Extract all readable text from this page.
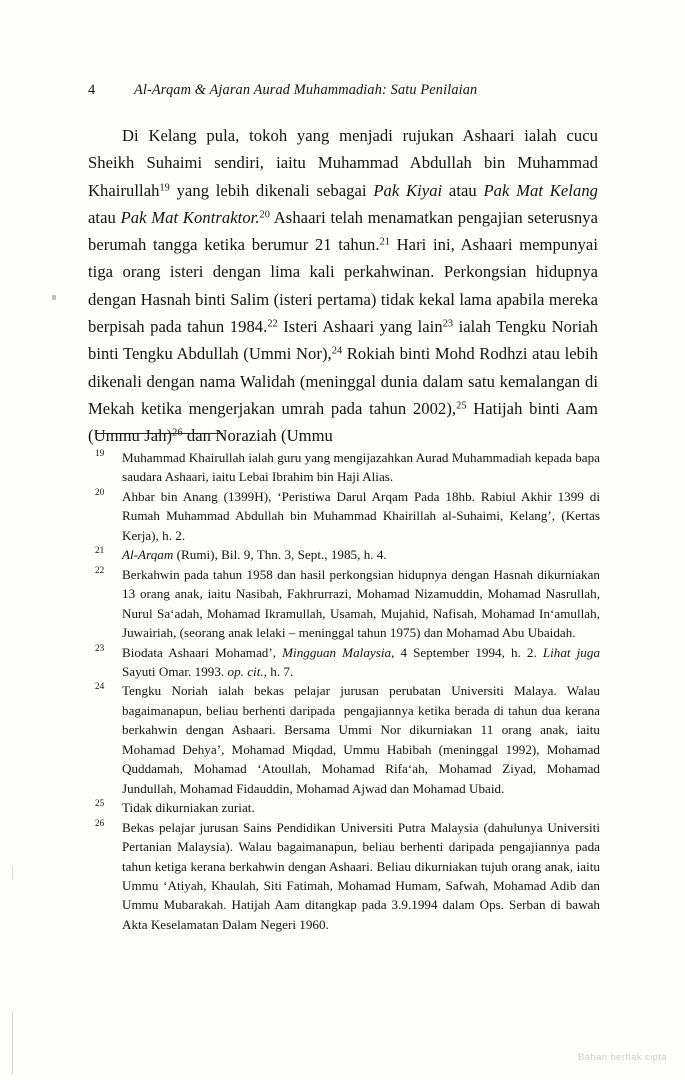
4	Al-Arqam & Ajaran Aurad Muhammadiah: Satu Penilaian

Di Kelang pula, tokoh yang menjadi rujukan Ashaari ialah cucu Sheikh Suhaimi sendiri, iaitu Muhammad Abdullah bin Muhammad Khairullah$^{19}$ yang lebih dikenali sebagai Pak Kiyai atau Pak Mat Kelang atau Pak Mat Kontraktor.$^{20}$ Ashaari telah menamatkan pengajian seterusnya berumah tangga ketika berumur 21 tahun.$^{21}$ Hari ini, Ashaari mempunyai tiga orang isteri dengan lima kali perkahwinan. Perkongsian hidupnya dengan Hasnah binti Salim (isteri pertama) tidak kekal lama apabila mereka berpisah pada tahun 1984.22 Isteri Ashaari yang lain$^{23}$ ialah Tengku Noriah binti Tengku Abdullah (Ummi Nor),$^{24}$ Rokiah binti Mohd Rodhzi atau lebih dikenali dengan nama Walidah (meninggal dunia dalam satu kemalangan di Mekah ketika mengerjakan umrah pada tahun 2002),$^{25}$ Hatijah binti Aam (Ummu Jah)$^{26}$ dan Noraziah (Ummu

19	Muhammad Khairullah ialah guru yang mengijazahkan Aurad Muhammadiah kepada bapa saudara Ashaari, iaitu Lebai Ibrahim bin Haji Alias.
20	Ahbar bin Anang (1399H), ‘Peristiwa Darul Arqam Pada 18hb. Rabiul Akhir 1399 di Rumah Muhammad Abdullah bin Muhammad Khairillah al-Suhaimi, Kelang’, (Kertas Kerja), h. 2.
21	Al-Arqam (Rumi), Bil. 9, Thn. 3, Sept., 1985, h. 4.
22	Berkahwin pada tahun 1958 dan hasil perkongsian hidupnya dengan Hasnah dikurniakan 13 orang anak, iaitu Nasibah, Fakhrurrazi, Mohamad Nizamuddin, Mohamad Nasrullah, Nurul Sa‘adah, Mohamad Ikramullah, Usamah, Mujahid, Nafisah, Mohamad In‘amullah, Juwairiah, (seorang anak lelaki – meninggal tahun 1975) dan Mohamad Abu Ubaidah.
23	Biodata Ashaari Mohamad’, Mingguan Malaysia, 4 September 1994, h. 2. Lihat juga Sayuti Omar. 1993. op. cit., h. 7.
24	Tengku Noriah ialah bekas pelajar jurusan perubatan Universiti Malaya. Walau bagaimanapun, beliau berhenti daripada  pengajiannya ketika berada di tahun dua kerana berkahwin dengan Ashaari. Bersama Ummi Nor dikurniakan 11 orang anak, iaitu Mohamad Dehya’, Mohamad Miqdad, Ummu Habibah (meninggal 1992), Mohamad Quddamah, Mohamad ‘Atoullah, Mohamad Rifa‘ah, Mohamad Ziyad, Mohamad Jundullah, Mohamad Fidauddin, Mohamad Ajwad dan Mohamad Ubaid.
25	Tidak dikurniakan zuriat.
26	Bekas pelajar jurusan Sains Pendidikan Universiti Putra Malaysia (dahulunya Universiti Pertanian Malaysia). Walau bagaimanapun, beliau berhenti daripada pengajiannya pada tahun ketiga kerana berkahwin dengan Ashaari. Beliau dikurniakan tujuh orang anak, iaitu Ummu ‘Atiyah, Khaulah, Siti Fatimah, Mohamad Humam, Safwah, Mohamad Adib dan Ummu Mubarakah. Hatijah Aam ditangkap pada 3.9.1994 dalam Ops. Serban di bawah Akta Keselamatan Dalam Negeri 1960.
Bahan berhak cipta
